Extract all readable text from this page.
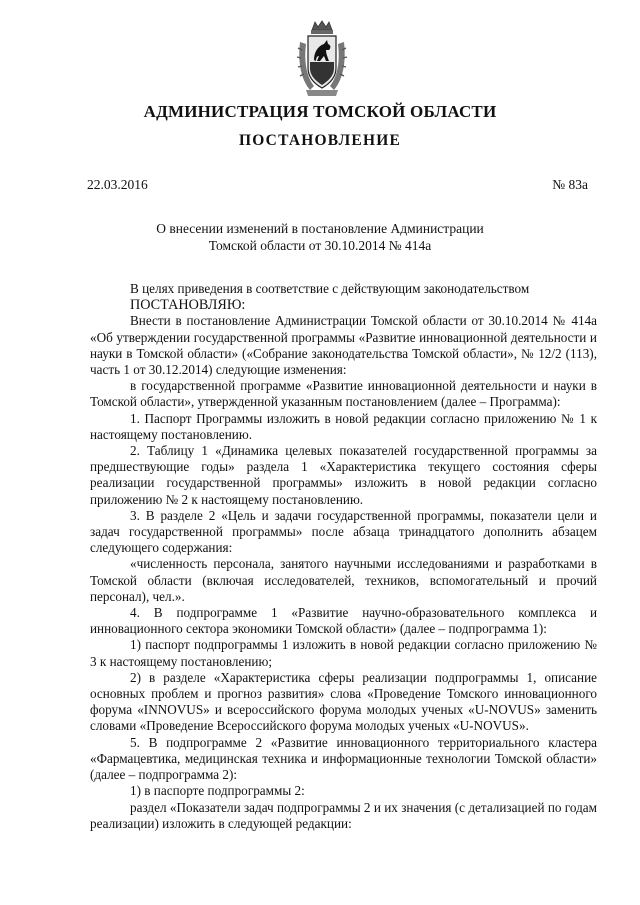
АДМИНИСТРАЦИЯ ТОМСКОЙ ОБЛАСТИ
ПОСТАНОВЛЕНИЕ
22.03.2016	№ 83а
О внесении изменений в постановление Администрации
Томской области от 30.10.2014 № 414а

В целях приведения в соответствие с действующим законодательством

ПОСТАНОВЛЯЮ:

Внести в постановление Администрации Томской области от 30.10.2014 № 414а «Об утверждении государственной программы «Развитие инновационной деятельности и науки в Томской области» («Собрание законодательства Томской области», № 12/2 (113), часть 1 от 30.12.2014) следующие изменения:

в государственной программе «Развитие инновационной деятельности и науки в Томской области», утвержденной указанным постановлением (далее – Программа):

1. Паспорт Программы изложить в новой редакции согласно приложению № 1 к настоящему постановлению.

2. Таблицу 1 «Динамика целевых показателей государственной программы за предшествующие годы» раздела 1 «Характеристика текущего состояния сферы реализации государственной программы» изложить в новой редакции согласно приложению № 2 к настоящему постановлению.

3. В разделе 2 «Цель и задачи государственной программы, показатели цели и задач государственной программы» после абзаца тринадцатого дополнить абзацем следующего содержания:

«численность персонала, занятого научными исследованиями и разработками в Томской области (включая исследователей, техников, вспомогательный и прочий персонал), чел.».

4. В подпрограмме 1 «Развитие научно-образовательного комплекса и инновационного сектора экономики Томской области» (далее – подпрограмма 1):

1) паспорт подпрограммы 1 изложить в новой редакции согласно приложению № 3 к настоящему постановлению;

2) в разделе «Характеристика сферы реализации подпрограммы 1, описание основных проблем и прогноз развития» слова «Проведение Томского инновационного форума «INNOVUS» и всероссийского форума молодых ученых «U-NOVUS» заменить словами «Проведение Всероссийского форума молодых ученых «U-NOVUS».

5. В подпрограмме 2 «Развитие инновационного территориального кластера «Фармацевтика, медицинская техника и информационные технологии Томской области» (далее – подпрограмма 2):

1) в паспорте подпрограммы 2:

раздел «Показатели задач подпрограммы 2 и их значения (с детализацией по годам реализации) изложить в следующей редакции:
